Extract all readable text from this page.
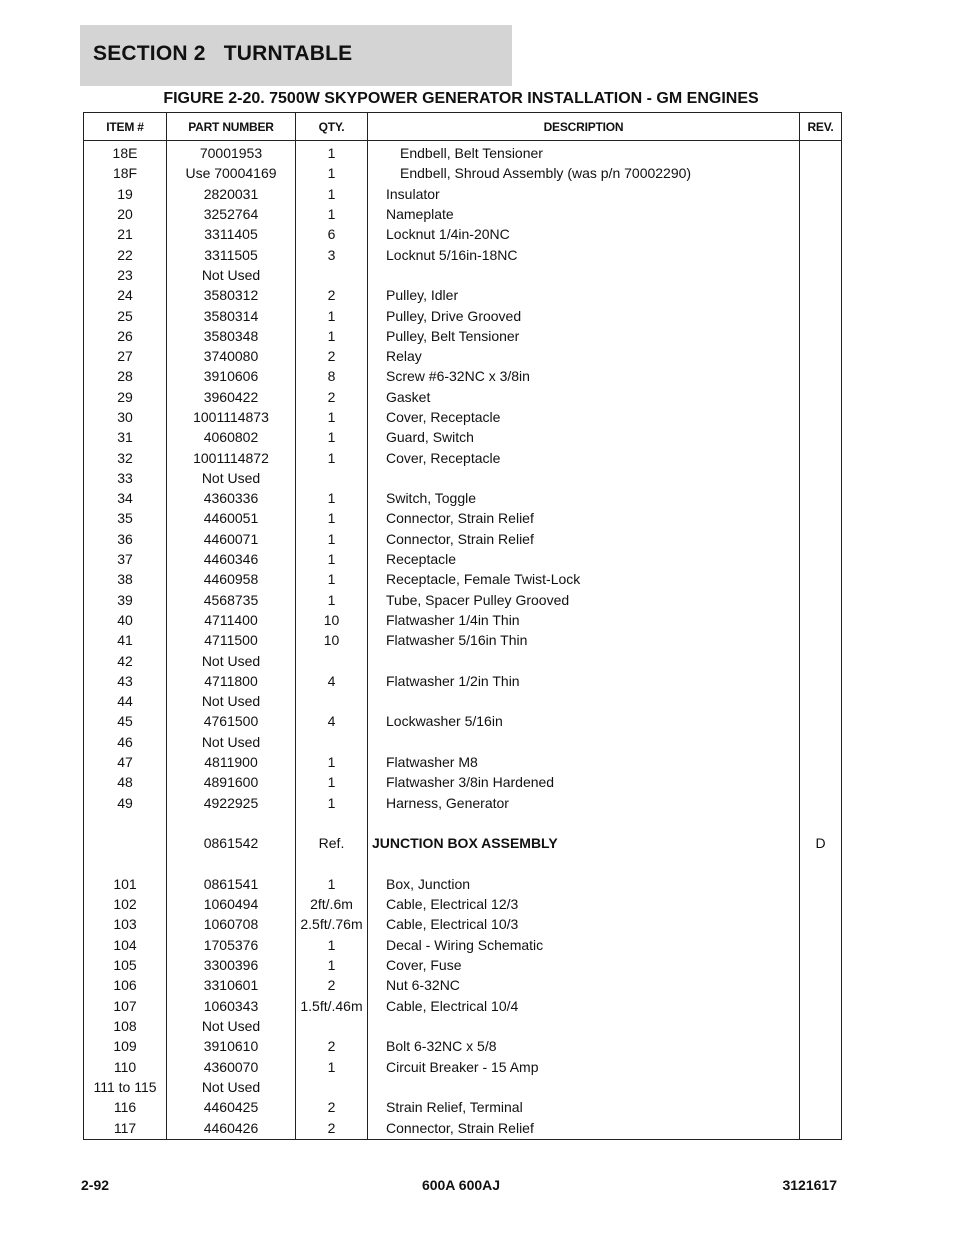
SECTION 2   TURNTABLE
FIGURE 2-20. 7500W SKYPOWER GENERATOR INSTALLATION - GM ENGINES
ITEM #	PART NUMBER	QTY.	DESCRIPTION	REV.
18E	70001953	1	Endbell, Belt Tensioner	
18F	Use 70004169	1	Endbell, Shroud Assembly (was p/n 70002290)	
19	2820031	1	Insulator	
20	3252764	1	Nameplate	
21	3311405	6	Locknut 1/4in-20NC	
22	3311505	3	Locknut 5/16in-18NC	
23	Not Used			
24	3580312	2	Pulley, Idler	
25	3580314	1	Pulley, Drive Grooved	
26	3580348	1	Pulley, Belt Tensioner	
27	3740080	2	Relay	
28	3910606	8	Screw #6-32NC x 3/8in	
29	3960422	2	Gasket	
30	1001114873	1	Cover, Receptacle	
31	4060802	1	Guard, Switch	
32	1001114872	1	Cover, Receptacle	
33	Not Used			
34	4360336	1	Switch, Toggle	
35	4460051	1	Connector, Strain Relief	
36	4460071	1	Connector, Strain Relief	
37	4460346	1	Receptacle	
38	4460958	1	Receptacle, Female Twist-Lock	
39	4568735	1	Tube, Spacer Pulley Grooved	
40	4711400	10	Flatwasher 1/4in Thin	
41	4711500	10	Flatwasher 5/16in Thin	
42	Not Used			
43	4711800	4	Flatwasher 1/2in Thin	
44	Not Used			
45	4761500	4	Lockwasher 5/16in	
46	Not Used			
47	4811900	1	Flatwasher M8	
48	4891600	1	Flatwasher 3/8in Hardened	
49	4922925	1	Harness, Generator	

	0861542	Ref.	JUNCTION BOX ASSEMBLY	D

101	0861541	1	Box, Junction	
102	1060494	2ft/.6m	Cable, Electrical 12/3	
103	1060708	2.5ft/.76m	Cable, Electrical 10/3	
104	1705376	1	Decal - Wiring Schematic	
105	3300396	1	Cover, Fuse	
106	3310601	2	Nut 6-32NC	
107	1060343	1.5ft/.46m	Cable, Electrical 10/4	
108	Not Used			
109	3910610	2	Bolt 6-32NC x 5/8	
110	4360070	1	Circuit Breaker - 15 Amp	
111 to 115	Not Used			
116	4460425	2	Strain Relief, Terminal	
117	4460426	2	Connector, Strain Relief	
2-92	600A 600AJ	3121617
